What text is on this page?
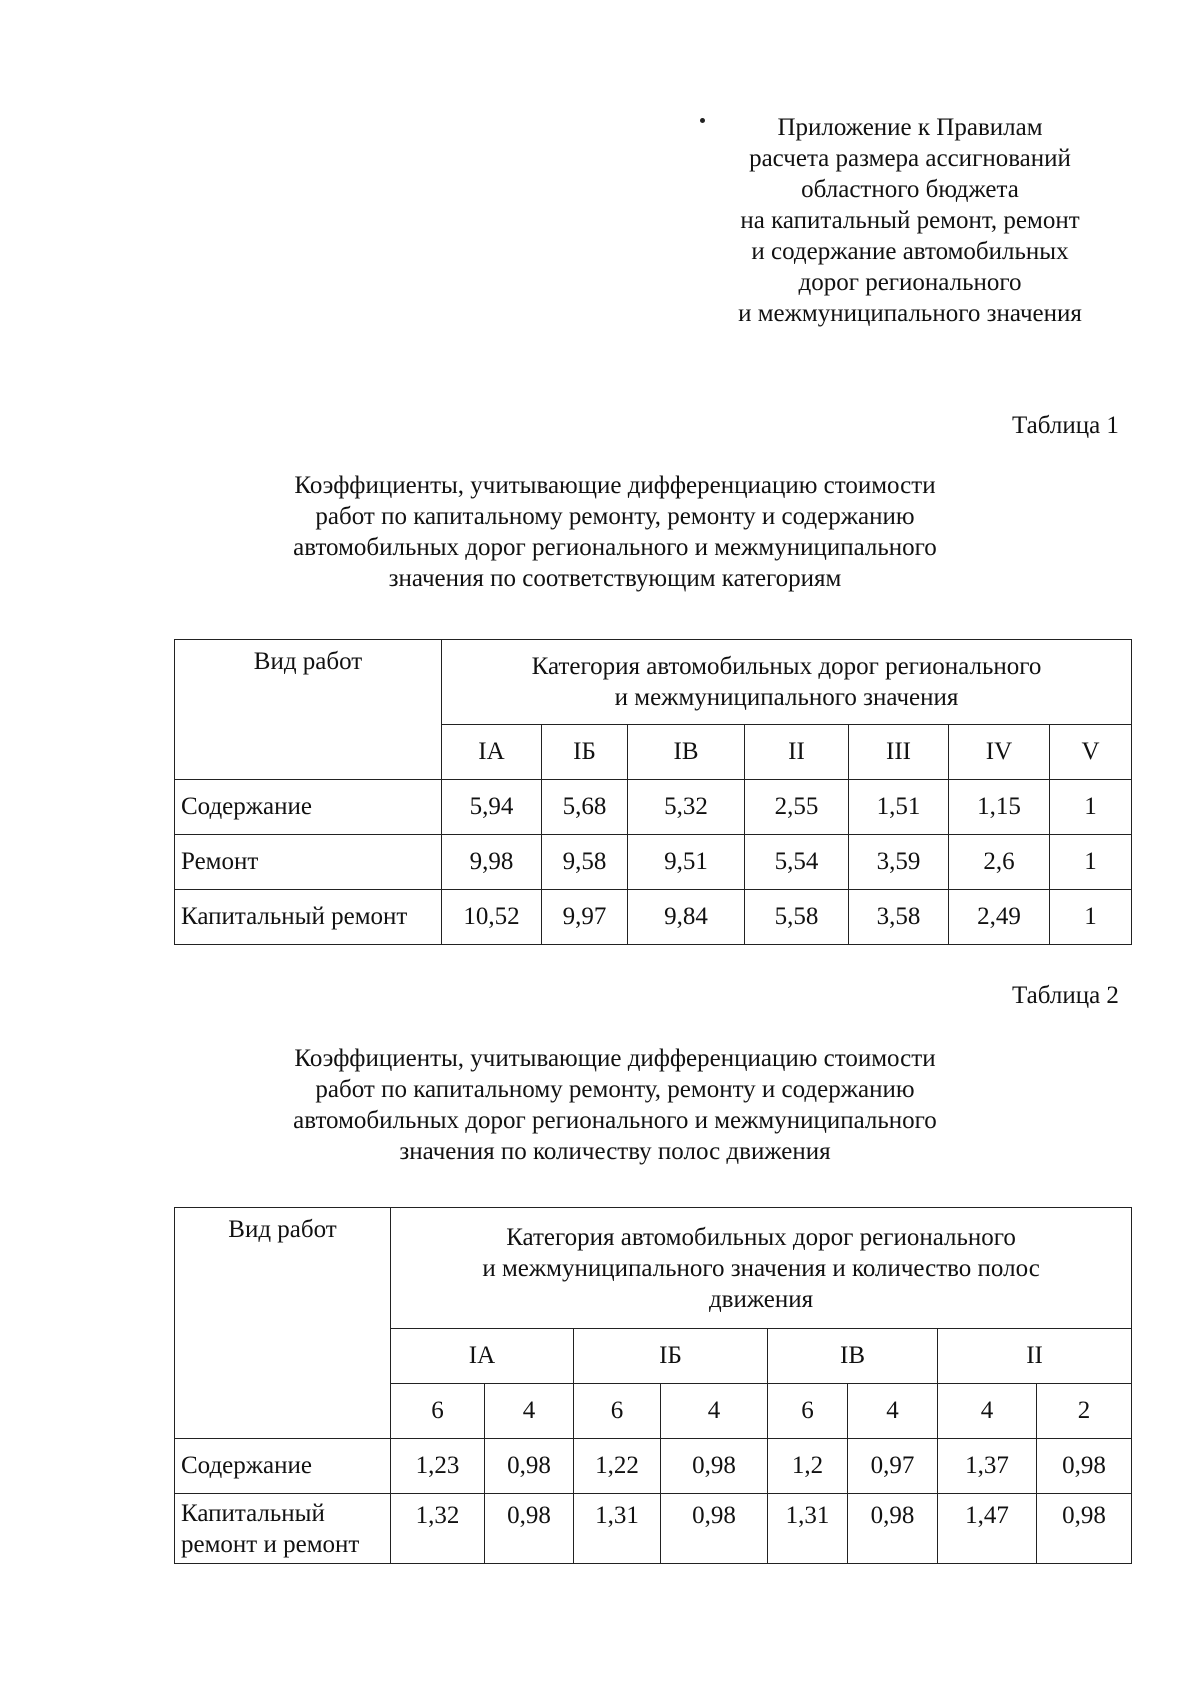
Приложение к Правилам
расчета размера ассигнований
областного бюджета
на капитальный ремонт, ремонт
и содержание автомобильных
дорог регионального
и межмуниципального значения
Таблица 1
Коэффициенты, учитывающие дифференциацию стоимости
работ по капитальному ремонту, ремонту и содержанию
автомобильных дорог регионального и межмуниципального
значения по соответствующим категориям
Вид работ	Категория автомобильных дорог регионального
и межмуниципального значения						

	IA	IБ	IB	II	III	IV	V
Содержание	5,94	5,68	5,32	2,55	1,51	1,15	1
Ремонт	9,98	9,58	9,51	5,54	3,59	2,6	1
Капитальный ремонт	10,52	9,97	9,84	5,58	3,58	2,49	1
Таблица 2
Коэффициенты, учитывающие дифференциацию стоимости
работ по капитальному ремонту, ремонту и содержанию
автомобильных дорог регионального и межмуниципального
значения по количеству полос движения
Вид работ	Категория автомобильных дорог регионального
и межмуниципального значения и количество полос
движения							

	IA		IБ		IB		II	
	6	4	6	4	6	4	4	2
Содержание	1,23	0,98	1,22	0,98	1,2	0,97	1,37	0,98

Капитальный
ремонт и ремонт	1,32	0,98	1,31	0,98	1,31	0,98	1,47	0,98
